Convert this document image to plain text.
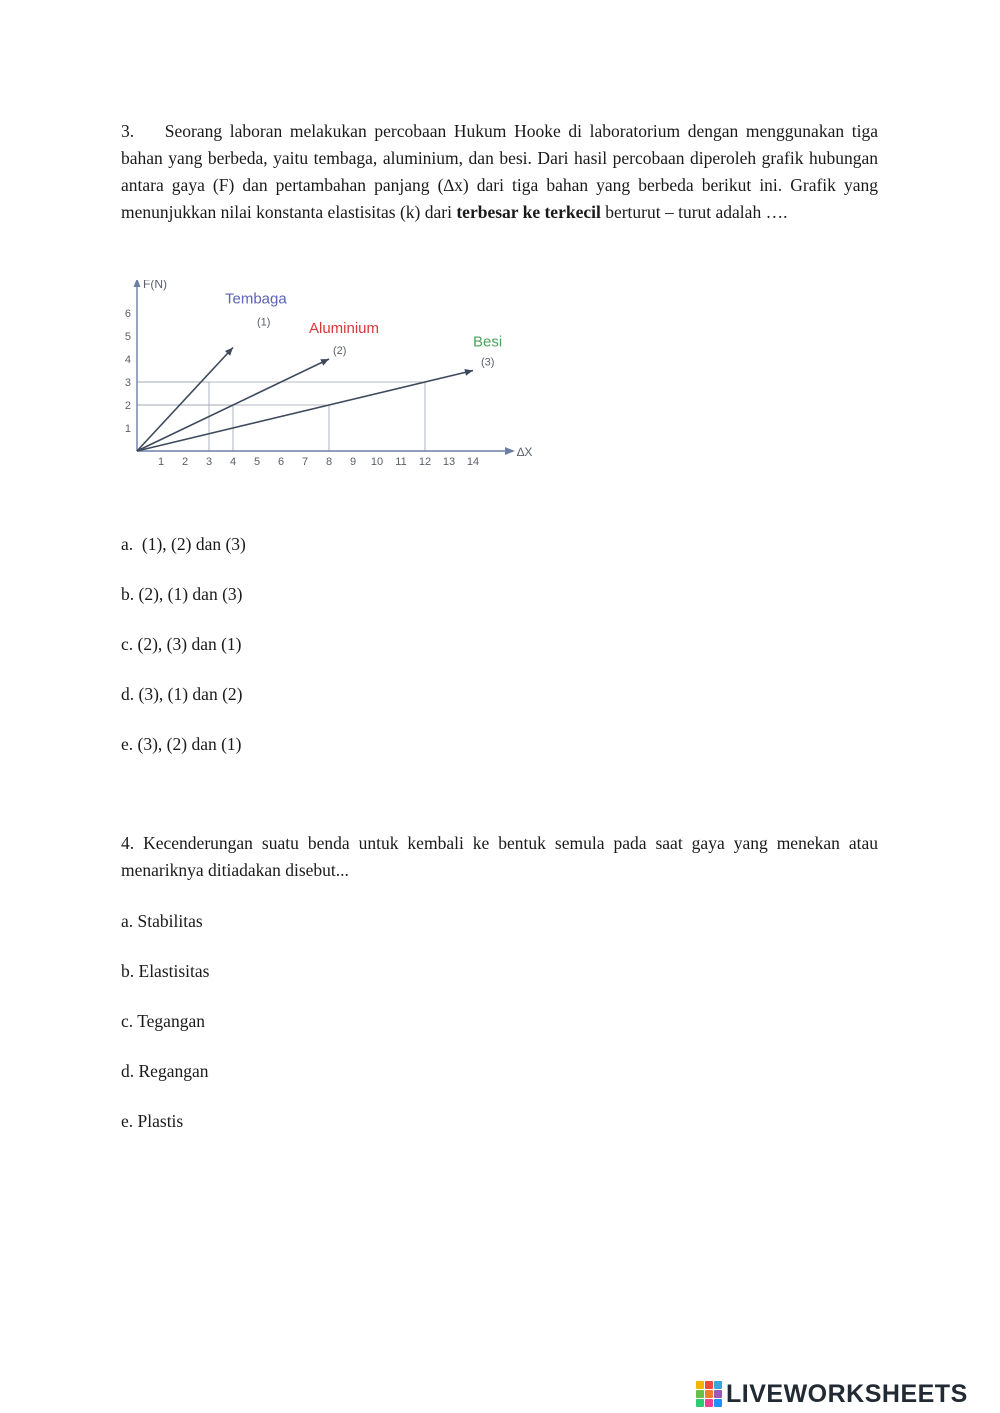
3.    Seorang laboran melakukan percobaan Hukum Hooke di laboratorium dengan menggunakan tiga bahan yang berbeda, yaitu tembaga, aluminium, dan besi. Dari hasil percobaan diperoleh grafik hubungan antara gaya (F) dan pertambahan panjang (∆x) dari tiga bahan yang berbeda berikut ini. Grafik yang menunjukkan nilai konstanta elastisitas (k) dari terbesar ke terkecil berturut – turut adalah ….

1 2 3 4 5 6 7 8 9 10 11 12 13 14
1
2
3
4
5
6
F(N)
∆X
Tembaga
(1)	Aluminium
(2)
Besi
(3)

a.  (1), (2) dan (3)

b. (2), (1) dan (3)

c. (2), (3) dan (1)

d. (3), (1) dan (2)

e. (3), (2) dan (1)

4. Kecenderungan suatu benda untuk kembali ke bentuk semula pada saat gaya yang menekan atau menariknya ditiadakan disebut...

a. Stabilitas

b. Elastisitas

c. Tegangan

d. Regangan

e. Plastis

LIVEWORKSHEETS
